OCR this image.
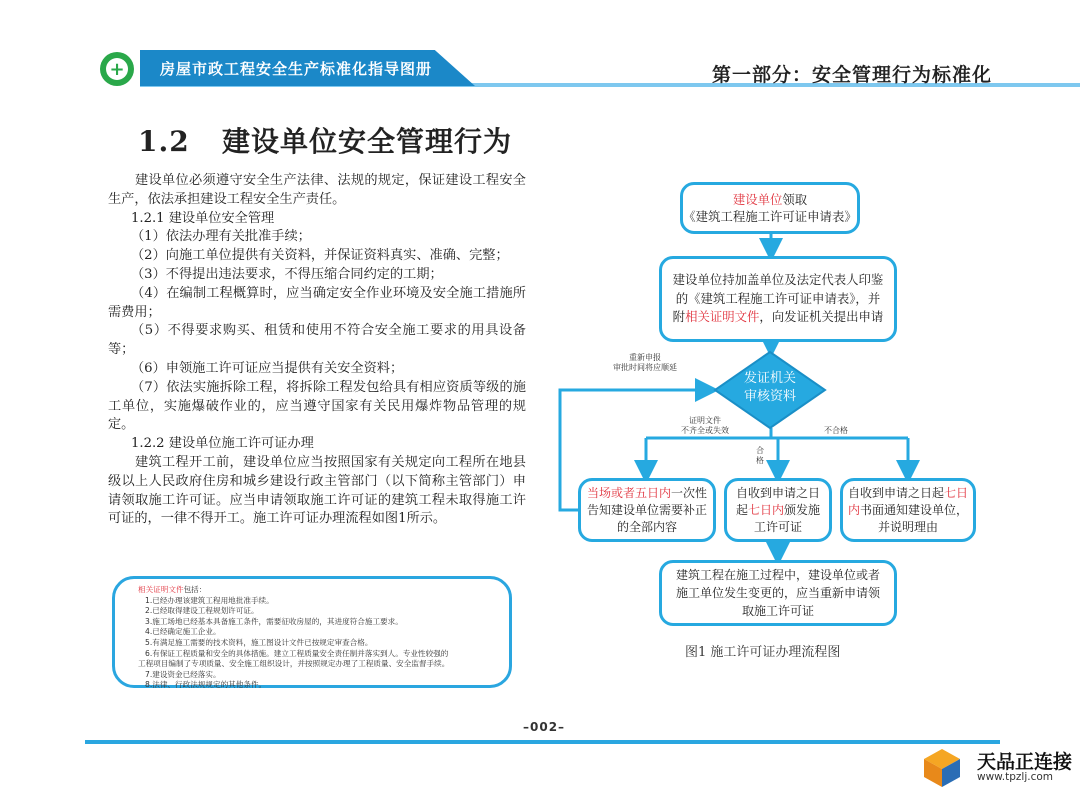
+ 房屋市政工程安全生产标准化指导图册	第一部分：安全管理行为标准化
1.2 建设单位安全管理行为

建设单位必须遵守安全生产法律、法规的规定，保证建设工程安全生产，依法承担建设工程安全生产责任。

1.2.1 建设单位安全管理

（1）依法办理有关批准手续；

（2）向施工单位提供有关资料，并保证资料真实、准确、完整；

（3）不得提出违法要求，不得压缩合同约定的工期；

（4）在编制工程概算时，应当确定安全作业环境及安全施工措施所需费用；

（5）不得要求购买、租赁和使用不符合安全施工要求的用具设备等；

（6）申领施工许可证应当提供有关安全资料；

（7）依法实施拆除工程，将拆除工程发包给具有相应资质等级的施工单位，实施爆破作业的，应当遵守国家有关民用爆炸物品管理的规定。

1.2.2 建设单位施工许可证办理

建筑工程开工前，建设单位应当按照国家有关规定向工程所在地县级以上人民政府住房和城乡建设行政主管部门（以下简称主管部门）申请领取施工许可证。应当申请领取施工许可证的建筑工程未取得施工许可证的，一律不得开工。施工许可证办理流程如图1所示。

相关证明文件包括：
1.已经办理该建筑工程用地批准手续。
2.已经取得建设工程规划许可证。
3.施工场地已经基本具备施工条件，需要征收房屋的，其进度符合施工要求。
4.已经确定施工企业。
5.有满足施工需要的技术资料，施工图设计文件已按规定审查合格。
6.有保证工程质量和安全的具体措施。建立工程质量安全责任制并落实到人。专业性较强的
工程项目编制了专项质量、安全施工组织设计，并按照规定办理了工程质量、安全监督手续。
7.建设资金已经落实。
8.法律、行政法规规定的其他条件。
建设单位领取
《建筑工程施工许可证申请表》
建设单位持加盖单位及法定代表人印鉴
的《建筑工程施工许可证申请表》，并
附相关证明文件，向发证机关提出申请
发证机关
审核资料
重新申报
审批时间将应顺延
证明文件
不齐全或失效
合
格
不合格
当场或者五日内一次性
告知建设单位需要补正
的全部内容
自收到申请之日
起七日内颁发施
工许可证
自收到申请之日起七日
内书面通知建设单位，
并说明理由
建筑工程在施工过程中，建设单位或者
施工单位发生变更的，应当重新申请领
取施工许可证
图1 施工许可证办理流程图
–002–
天品正连接
www.tpzlj.com
